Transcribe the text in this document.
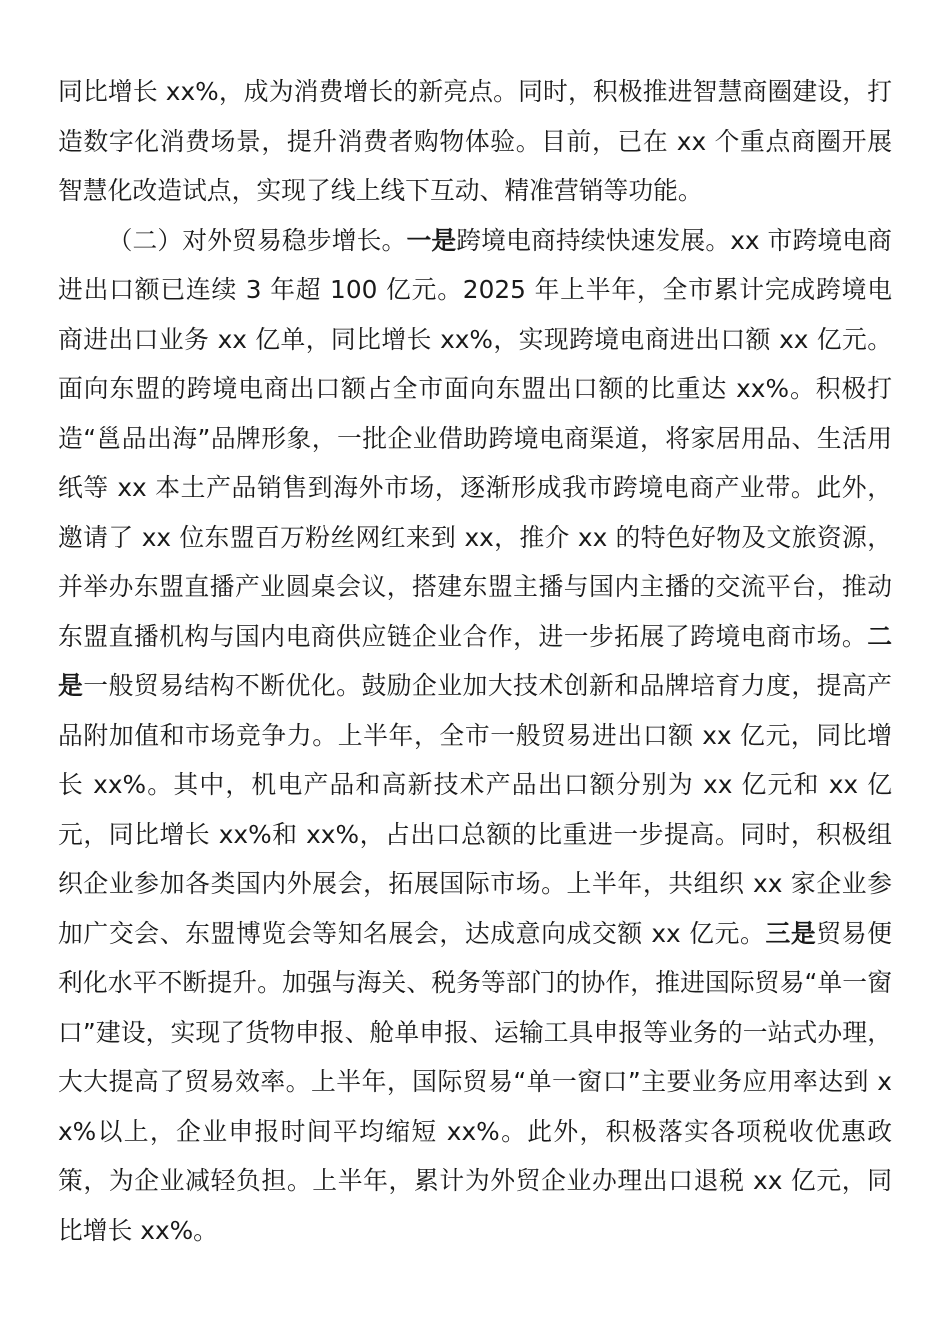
同比增长 xx%，成为消费增长的新亮点。同时，积极推进智慧商圈建设，打造数字化消费场景，提升消费者购物体验。目前，已在 xx 个重点商圈开展智慧化改造试点，实现了线上线下互动、精准营销等功能。

（二）对外贸易稳步增长。一是跨境电商持续快速发展。xx 市跨境电商进出口额已连续 3 年超 100 亿元。2025 年上半年，全市累计完成跨境电商进出口业务 xx 亿单，同比增长 xx%，实现跨境电商进出口额 xx 亿元。面向东盟的跨境电商出口额占全市面向东盟出口额的比重达 xx%。积极打造“邕品出海”品牌形象，一批企业借助跨境电商渠道，将家居用品、生活用纸等 xx 本土产品销售到海外市场，逐渐形成我市跨境电商产业带。此外，邀请了 xx 位东盟百万粉丝网红来到 xx，推介 xx 的特色好物及文旅资源，并举办东盟直播产业圆桌会议，搭建东盟主播与国内主播的交流平台，推动东盟直播机构与国内电商供应链企业合作，进一步拓展了跨境电商市场。二是一般贸易结构不断优化。鼓励企业加大技术创新和品牌培育力度，提高产品附加值和市场竞争力。上半年，全市一般贸易进出口额 xx 亿元，同比增长 xx%。其中，机电产品和高新技术产品出口额分别为 xx 亿元和 xx 亿元，同比增长 xx%和 xx%，占出口总额的比重进一步提高。同时，积极组织企业参加各类国内外展会，拓展国际市场。上半年，共组织 xx 家企业参加广交会、东盟博览会等知名展会，达成意向成交额 xx 亿元。三是贸易便利化水平不断提升。加强与海关、税务等部门的协作，推进国际贸易“单一窗口”建设，实现了货物申报、舱单申报、运输工具申报等业务的一站式办理，大大提高了贸易效率。上半年，国际贸易“单一窗口”主要业务应用率达到 xx%以上，企业申报时间平均缩短 xx%。此外，积极落实各项税收优惠政策，为企业减轻负担。上半年，累计为外贸企业办理出口退税 xx 亿元，同比增长 xx%。
